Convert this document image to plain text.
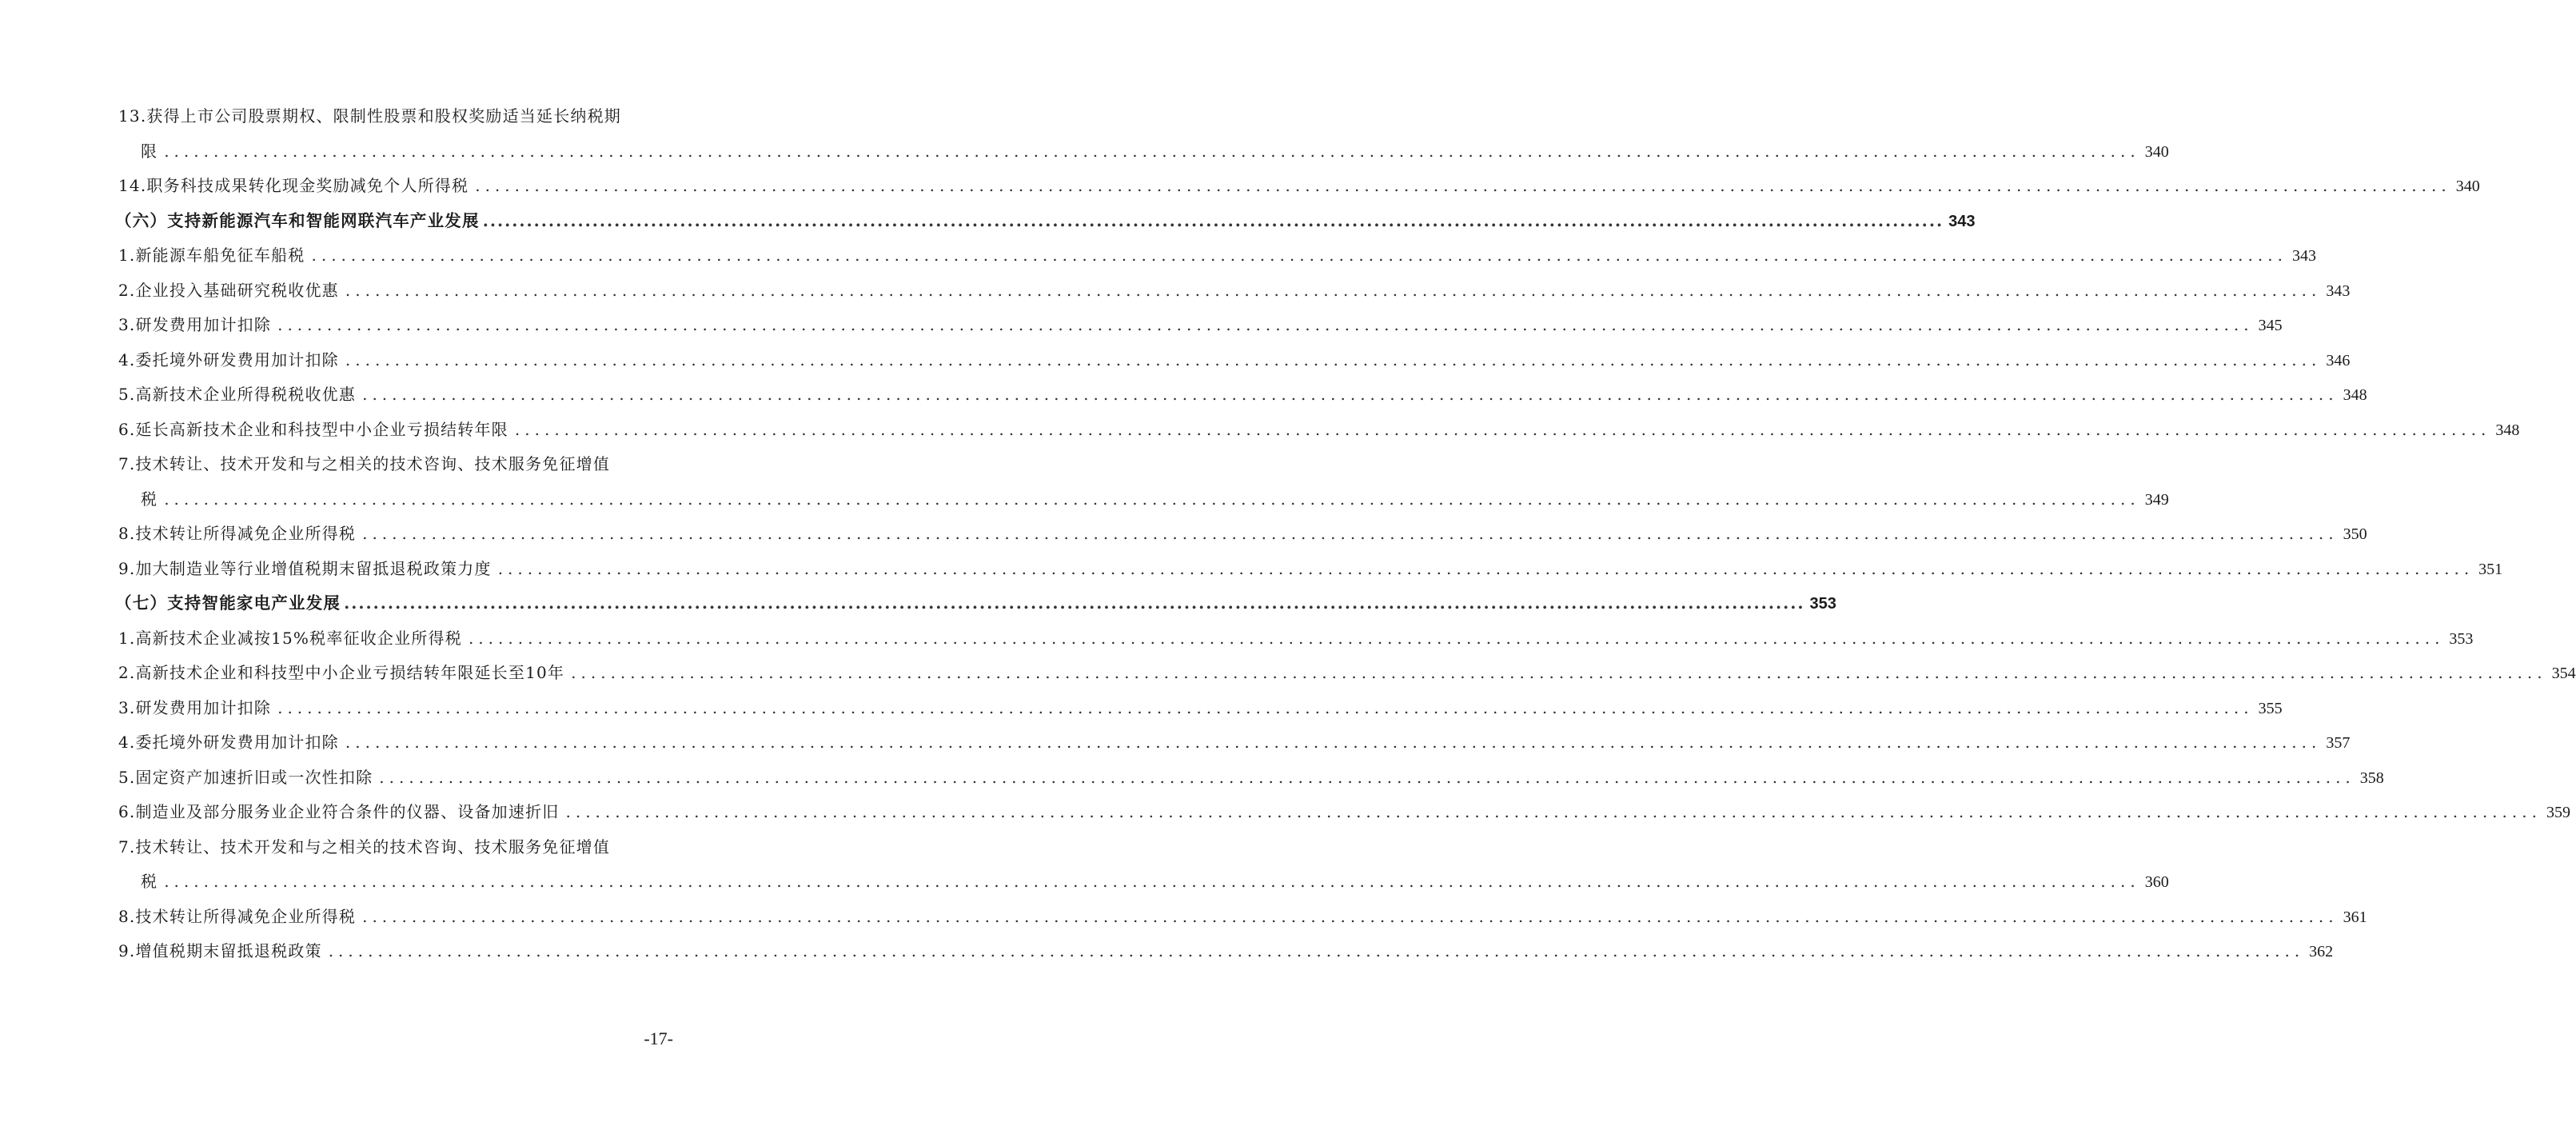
13.获得上市公司股票期权、限制性股票和股权奖励适当延长纳税期
限 ........................................................................................................................................................................................................ 340
14.职务科技成果转化现金奖励减免个人所得税 ........................................................................................................................................................................................................ 340
（六）支持新能源汽车和智能网联汽车产业发展 ........................................................................................................................................................................................................ 343
1.新能源车船免征车船税 ........................................................................................................................................................................................................ 343
2.企业投入基础研究税收优惠 ........................................................................................................................................................................................................ 343
3.研发费用加计扣除 ........................................................................................................................................................................................................ 345
4.委托境外研发费用加计扣除 ........................................................................................................................................................................................................ 346
5.高新技术企业所得税税收优惠 ........................................................................................................................................................................................................ 348
6.延长高新技术企业和科技型中小企业亏损结转年限 ........................................................................................................................................................................................................ 348
7.技术转让、技术开发和与之相关的技术咨询、技术服务免征增值
税 ........................................................................................................................................................................................................ 349
8.技术转让所得减免企业所得税 ........................................................................................................................................................................................................ 350
9.加大制造业等行业增值税期末留抵退税政策力度 ........................................................................................................................................................................................................ 351
（七）支持智能家电产业发展 ........................................................................................................................................................................................................ 353
1.高新技术企业减按15%税率征收企业所得税 ........................................................................................................................................................................................................ 353
2.高新技术企业和科技型中小企业亏损结转年限延长至10年 ........................................................................................................................................................................................................ 354
3.研发费用加计扣除 ........................................................................................................................................................................................................ 355
4.委托境外研发费用加计扣除 ........................................................................................................................................................................................................ 357
5.固定资产加速折旧或一次性扣除 ........................................................................................................................................................................................................ 358
6.制造业及部分服务业企业符合条件的仪器、设备加速折旧 ........................................................................................................................................................................................................ 359
7.技术转让、技术开发和与之相关的技术咨询、技术服务免征增值
税 ........................................................................................................................................................................................................ 360
8.技术转让所得减免企业所得税 ........................................................................................................................................................................................................ 361
9.增值税期末留抵退税政策 ........................................................................................................................................................................................................ 362
-17-
